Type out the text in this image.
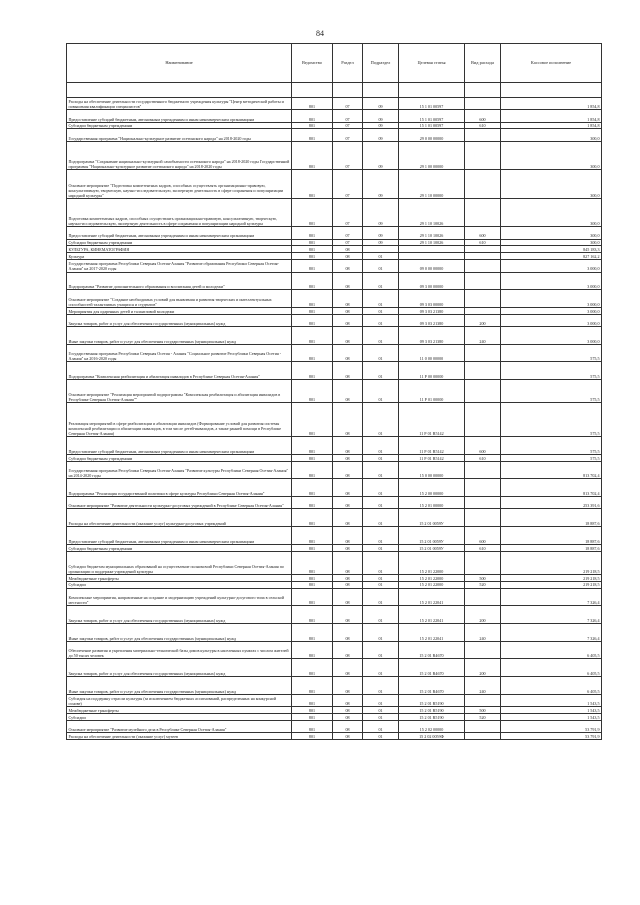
84
Наименование	Ведомство	Раздел	Подраздел	Целевая статья	Вид расхода	Кассовое исполнение

Расходы на обеспечение деятельности государственного бюджетного учреждения культуры "Центр методической работы и повышения квалификации специалистов"	801	07	09	15 1 01 00597		1 854,8
Предоставление субсидий бюджетным, автономным учреждениям и иным некоммерческим организациям	801	07	09	15 1 01 00597	600	1 854,8
Субсидии бюджетным учреждениям	801	07	09	15 1 01 00597	610	1 854,8
Государственная программа "Национально-культурное развитие осетинского народа" на 2018-2020 годы	801	07	09	29 0 00 00000		300,0
Подпрограмма "Сохранение национально-культурной самобытности осетинского народа" на 2018-2020 годы Государственной программы "Национально-культурное развитие осетинского народа" на 2018-2020 годы	801	07	09	29 1 00 00000		300,0
Основное мероприятие "Подготовка компетентных кадров, способных осуществлять организационно-правовую, консультативную, творческую, научно-исследовательскую, экспертную деятельность в сфере сохранения и популяризации народной культуры"	801	07	09	29 1 10 00000		300,0
Подготовка компетентных кадров, способных осуществлять организационно-правовую, консультативную, творческую, научно-исследовательскую, экспертную деятельность в сфере сохранения и популяризации народной культуры	801	07	09	29 1 10 10026		300,0
Предоставление субсидий бюджетным, автономным учреждениям и иным некоммерческим организациям	801	07	09	29 1 10 10026	600	300,0
Субсидии бюджетным учреждениям	801	07	09	29 1 10 10026	610	300,0
КУЛЬТУРА, КИНЕМАТОГРАФИЯ	801	08				845 183,3
Культура	801	08	01			827 162,2
Государственная программа Республики Северная Осетия-Алания "Развитие образования Республики Северная Осетия-Алания" на 2017-2020 годы	801	08	01	09 0 00 00000		3 000,0
Подпрограмма "Развитие дополнительного образования и воспитания детей и молодежи"	801	08	01	09 3 00 00000		3 000,0
Основное мероприятие "Создание необходимых условий для выявления и развития творческих и интеллектуальных способностей талантливых учащихся и студентов"	801	08	01	09 3 03 00000		3 000,0
Мероприятия для одаренных детей и талантливой молодежи	801	08	01	09 3 03 21380		3 000,0
Закупка товаров, работ и услуг для обеспечения государственных (муниципальных) нужд	801	08	01	09 3 03 21380	200	3 000,0
Иные закупки товаров, работ и услуг для обеспечения государственных (муниципальных) нужд	801	08	01	09 3 03 21380	240	3 000,0
Государственная программа Республики Северная Осетия - Алания "Социальное развитие Республики Северная Осетия - Алания" на 2016-2020 годы	801	08	01	11 0 00 00000		575,5
Подпрограмма "Комплексная реабилитация и абилитация инвалидов в Республике Северная Осетия-Алания"	801	08	01	11 Р 00 00000		575,5
Основное мероприятие "Реализация мероприятий подпрограммы "Комплексная реабилитация и абилитация инвалидов в Республике Северная Осетия-Алания""	801	08	01	11 Р 01 00000		575,5
Реализация мероприятий в сфере реабилитации и абилитации инвалидов (Формирование условий для развития системы комплексной реабилитации и абилитации инвалидов, в том числе детей-инвалидов, а также ранней помощи в Республике Северная Осетия-Алания)	801	08	01	11 Р 01 R5142		575,5
Предоставление субсидий бюджетным, автономным учреждениям и иным некоммерческим организациям	801	08	01	11 Р 01 R5142	600	575,5
Субсидии бюджетным учреждениям	801	08	01	11 Р 01 R5142	610	575,5
Государственная программа Республики Северная Осетия-Алания "Развитие культуры Республики Северная Осетия-Алания" на 2014-2020 годы	801	08	01	15 0 00 00000		813 702,4
Подпрограмма "Реализация государственной политики в сфере культуры Республики Северная Осетия-Алания"	801	08	01	15 2 00 00000		813 702,4
Основное мероприятие "Развитие деятельности культурно-досуговых учреждений в Республике Северная Осетия-Алания"	801	08	01	15 2 01 00000		253 391,6
Расходы на обеспечение деятельности (оказание услуг) культурно-досуговых учреждений	801	08	01	15 2 01 0059У		18 887,6
Предоставление субсидий бюджетным, автономным учреждениям и иным некоммерческим организациям	801	08	01	15 2 01 0059У	600	18 887,6
Субсидии бюджетным учреждениям	801	08	01	15 2 01 0059У	610	18 887,6
Субсидии бюджетам муниципальных образований на осуществление полномочий Республики Северная Осетия-Алания по организации и поддержке учреждений культуры	801	08	01	15 2 01 22000		219 218,5
Межбюджетные трансферты	801	08	01	15 2 01 22000	500	219 218,5
Субсидии	801	08	01	15 2 01 22000	520	219 218,5
Комплексные мероприятия, направленные на создание и модернизацию учреждений культурно-досугового типа в сельской местности"	801	08	01	15 2 01 22041		7 326,4
Закупка товаров, работ и услуг для обеспечения государственных (муниципальных) нужд	801	08	01	15 2 01 22041	200	7 326,4
Иные закупки товаров, работ и услуг для обеспечения государственных (муниципальных) нужд	801	08	01	15 2 01 22041	240	7 326,4
Обеспечение развития и укрепления материально-технической базы домов культуры в населенных пунктах с числом жителей до 50 тысяч человек	801	08	01	15 2 01 R4670		6 405,5
Закупка товаров, работ и услуг для обеспечения государственных (муниципальных) нужд	801	08	01	15 2 01 R4670	200	6 405,5
Иные закупки товаров, работ и услуг для обеспечения государственных (муниципальных) нужд	801	08	01	15 2 01 R4670	240	6 405,5
Субсидия на поддержку отрасли культуры (за исключением бюджетных ассигнований, распределенных на конкурсной основе)	801	08	01	15 2 01 R5190		1 543,5
Межбюджетные трансферты	801	08	01	15 2 01 R5190	500	1 543,5
Субсидии	801	08	01	15 2 01 R5190	520	1 543,5
Основное мероприятие "Развитие музейного дела в Республике Северная Осетия-Алания"	801	08	01	15 2 02 00000		53 791,9
Расходы на обеспечение деятельности (оказание услуг) музеев	801	08	01	15 2 02 0059Ф		53 791,9
